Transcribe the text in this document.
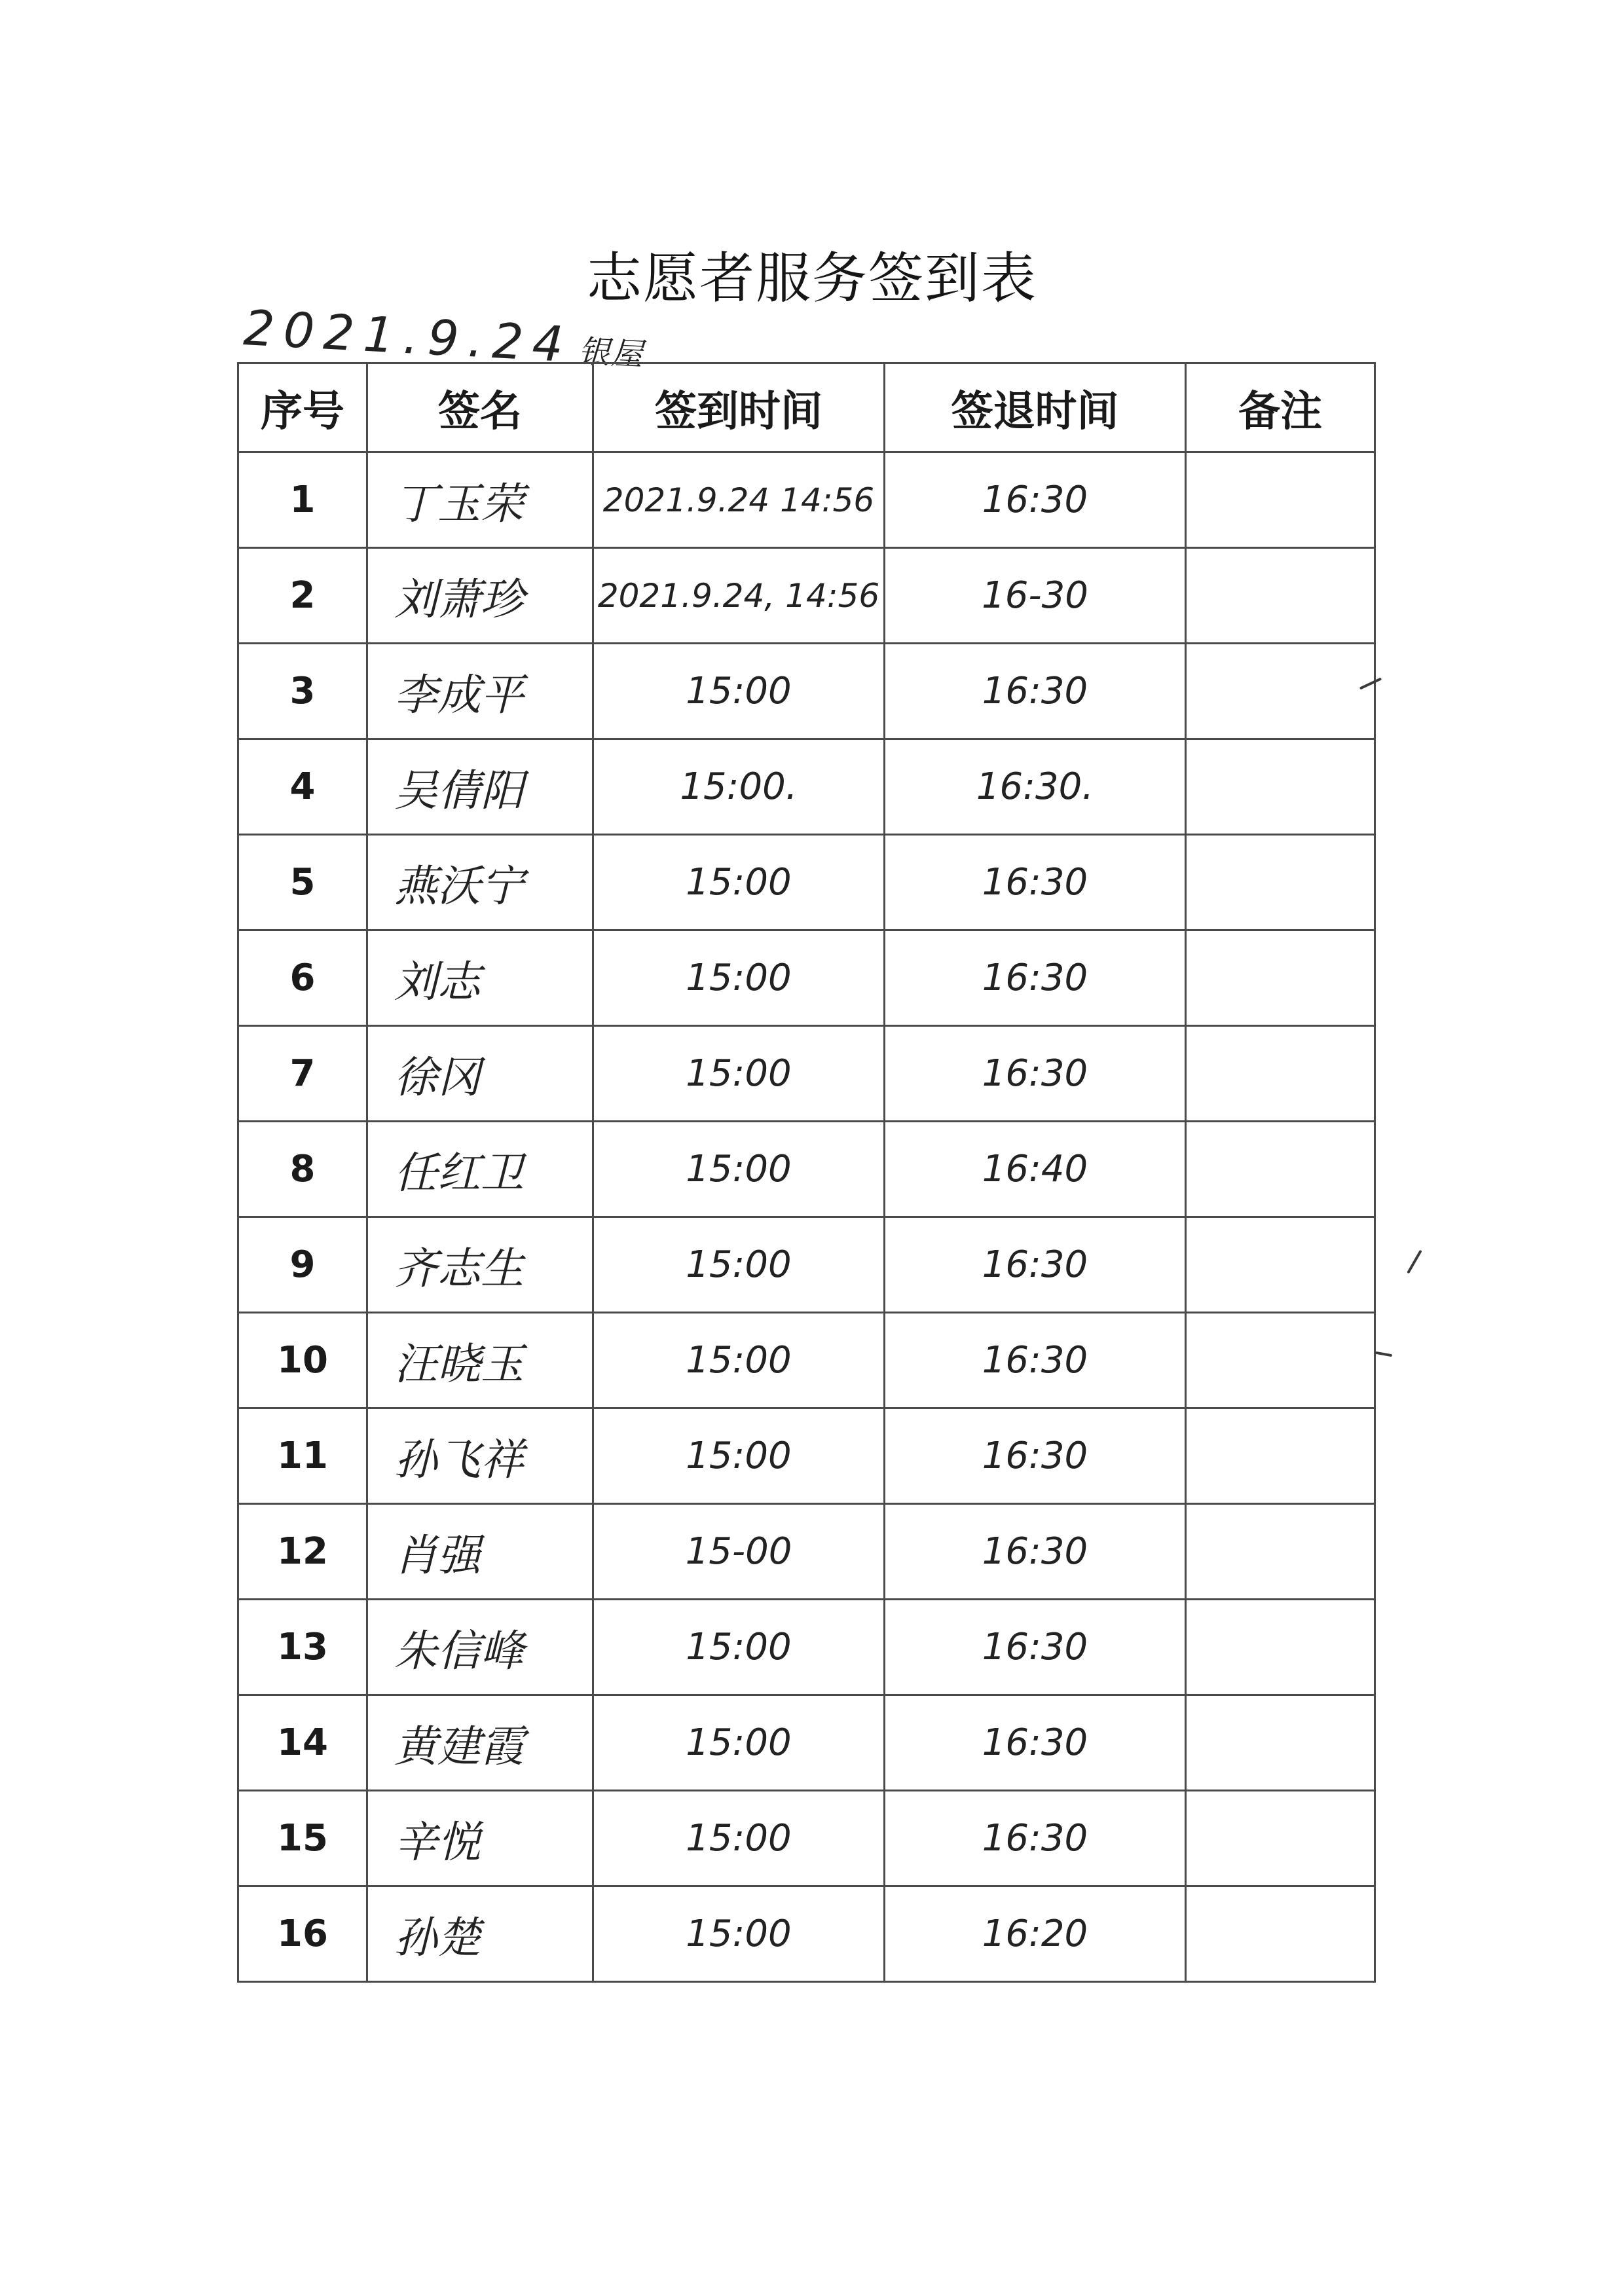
志愿者服务签到表
2021.9.24 银屋
序号	签名	签到时间	签退时间	备注
1	丁玉荣	2021.9.24 14:56	16:30	
2	刘萧珍	2021.9.24, 14:56	16-30	
3	李成平	15:00	16:30	
4	吴倩阳	15:00.	16:30.	
5	燕沃宁	15:00	16:30	
6	刘志	15:00	16:30	
7	徐冈	15:00	16:30	
8	任红卫	15:00	16:40	
9	齐志生	15:00	16:30	
10	汪晓玉	15:00	16:30	
11	孙飞祥	15:00	16:30	
12	肖强	15-00	16:30	
13	朱信峰	15:00	16:30	
14	黄建霞	15:00	16:30	
15	辛悦	15:00	16:30	
16	孙楚	15:00	16:20	
